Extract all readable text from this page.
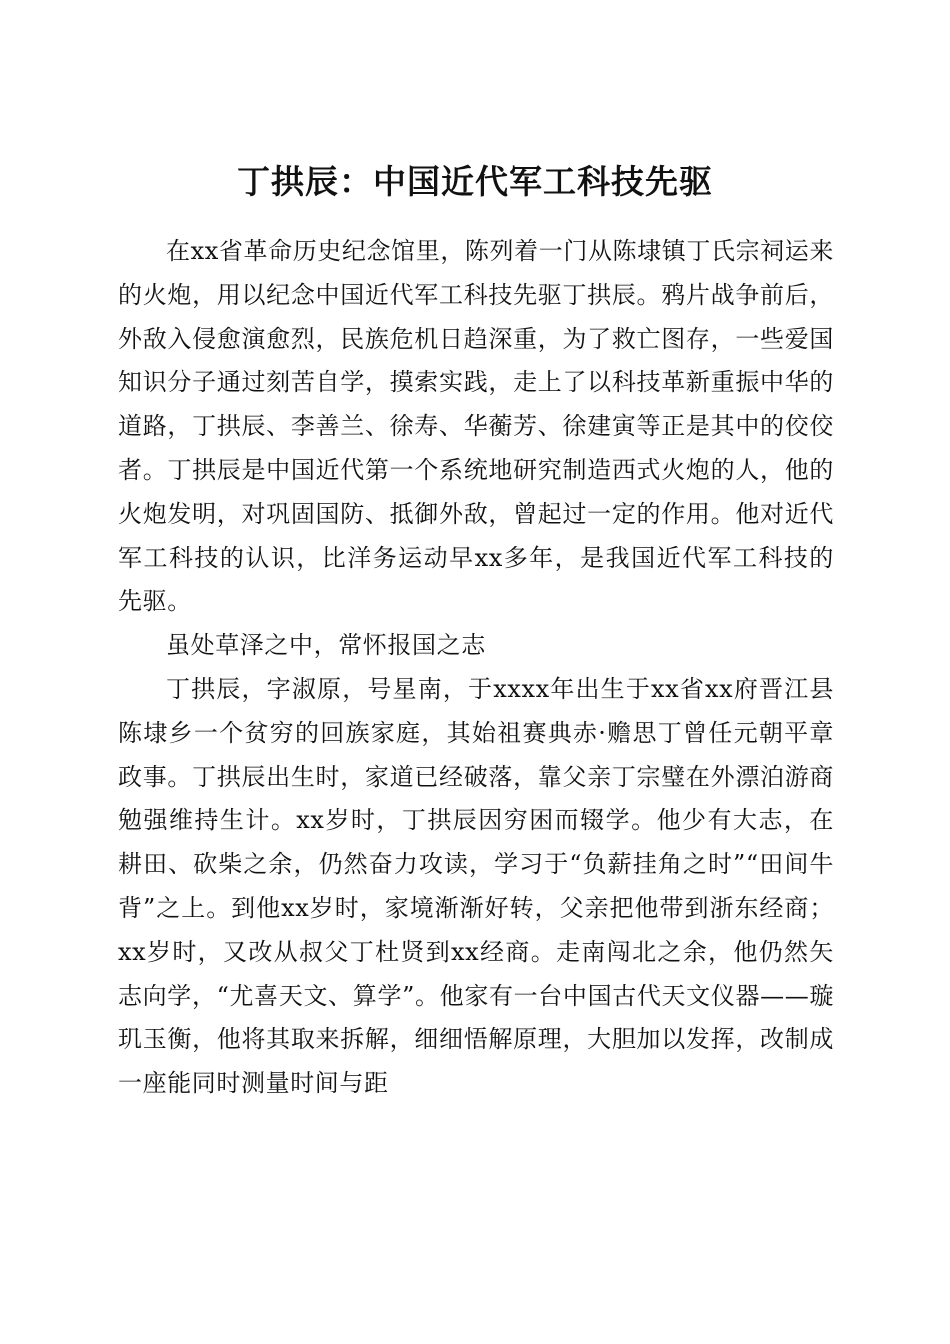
丁拱辰：中国近代军工科技先驱

在xx省革命历史纪念馆里，陈列着一门从陈埭镇丁氏宗祠运来的火炮，用以纪念中国近代军工科技先驱丁拱辰。鸦片战争前后，外敌入侵愈演愈烈，民族危机日趋深重，为了救亡图存，一些爱国知识分子通过刻苦自学，摸索实践，走上了以科技革新重振中华的道路，丁拱辰、李善兰、徐寿、华蘅芳、徐建寅等正是其中的佼佼者。丁拱辰是中国近代第一个系统地研究制造西式火炮的人，他的火炮发明，对巩固国防、抵御外敌，曾起过一定的作用。他对近代军工科技的认识，比洋务运动早xx多年，是我国近代军工科技的先驱。

虽处草泽之中，常怀报国之志

丁拱辰，字淑原，号星南，于xxxx年出生于xx省xx府晋江县陈埭乡一个贫穷的回族家庭，其始祖赛典赤·赡思丁曾任元朝平章政事。丁拱辰出生时，家道已经破落，靠父亲丁宗璧在外漂泊游商勉强维持生计。xx岁时，丁拱辰因穷困而辍学。他少有大志，在耕田、砍柴之余，仍然奋力攻读，学习于“负薪挂角之时”“田间牛背”之上。到他xx岁时，家境渐渐好转，父亲把他带到浙东经商；xx岁时，又改从叔父丁杜贤到xx经商。走南闯北之余，他仍然矢志向学，“尤喜天文、算学”。他家有一台中国古代天文仪器——璇玑玉衡，他将其取来拆解，细细悟解原理，大胆加以发挥，改制成一座能同时测量时间与距
